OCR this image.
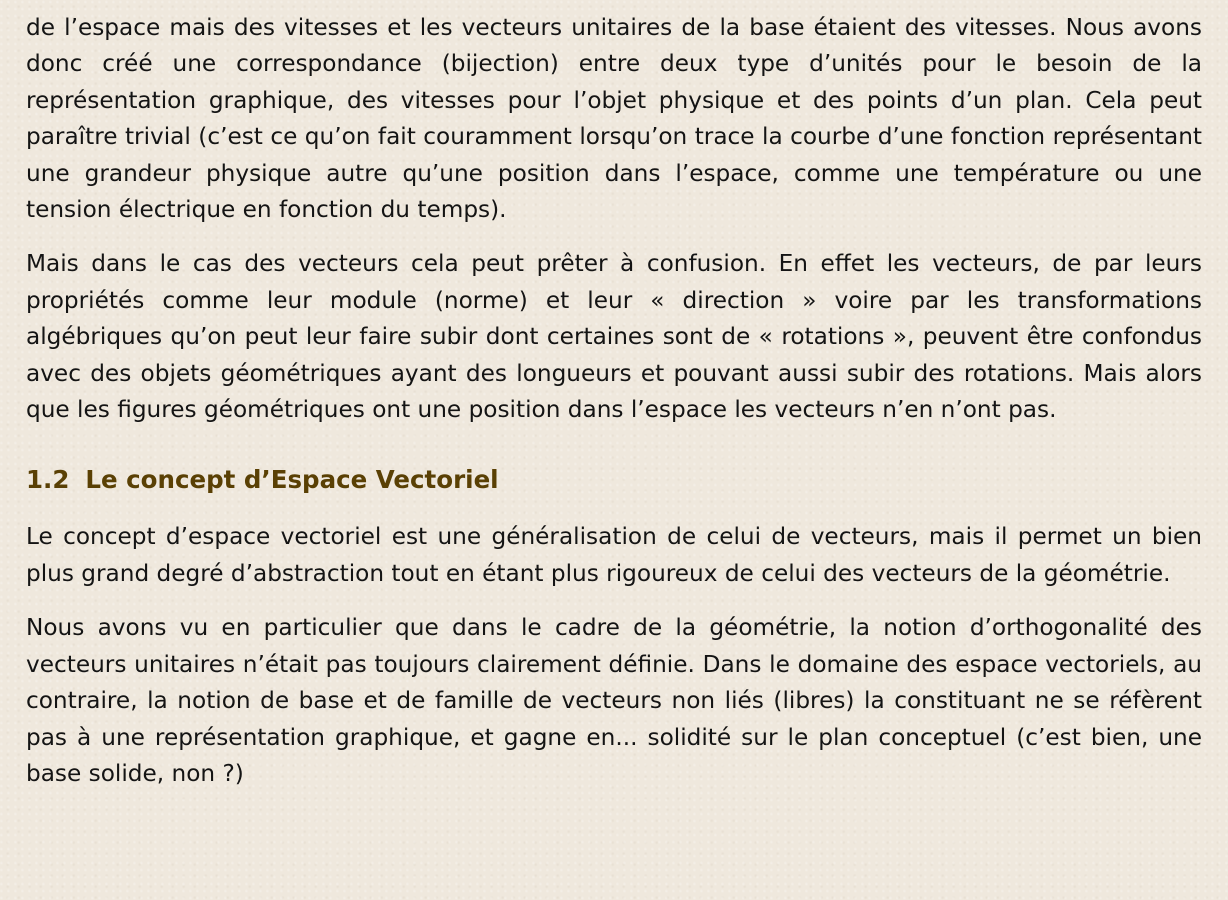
de l’espace mais des vitesses et les vecteurs unitaires de la base étaient des vitesses. Nous avons donc créé une correspondance (bijection) entre deux type d’unités pour le besoin de la représentation graphique, des vitesses pour l’objet physique et des points d’un plan. Cela peut paraître trivial (c’est ce qu’on fait couramment lorsqu’on trace la courbe d’une fonction représentant une grandeur physique autre qu’une position dans l’espace, comme une température ou une tension électrique en fonction du temps).

Mais dans le cas des vecteurs cela peut prêter à confusion. En effet les vecteurs, de par leurs propriétés comme leur module (norme) et leur « direction » voire par les transformations algébriques qu’on peut leur faire subir dont certaines sont de « rotations », peuvent être confondus avec des objets géométriques ayant des longueurs et pouvant aussi subir des rotations. Mais alors que les figures géométriques ont une position dans l’espace les vecteurs n’en n’ont pas.

1.2 Le concept d’Espace Vectoriel

Le concept d’espace vectoriel est une généralisation de celui de vecteurs, mais il permet un bien plus grand degré d’abstraction tout en étant plus rigoureux de celui des vecteurs de la géométrie.

Nous avons vu en particulier que dans le cadre de la géométrie, la notion d’orthogonalité des vecteurs unitaires n’était pas toujours clairement définie. Dans le domaine des espace vectoriels, au contraire, la notion de base et de famille de vecteurs non liés (libres) la constituant ne se réfèrent pas à une représentation graphique, et gagne en... solidité sur le plan conceptuel (c’est bien, une base solide, non ?)
